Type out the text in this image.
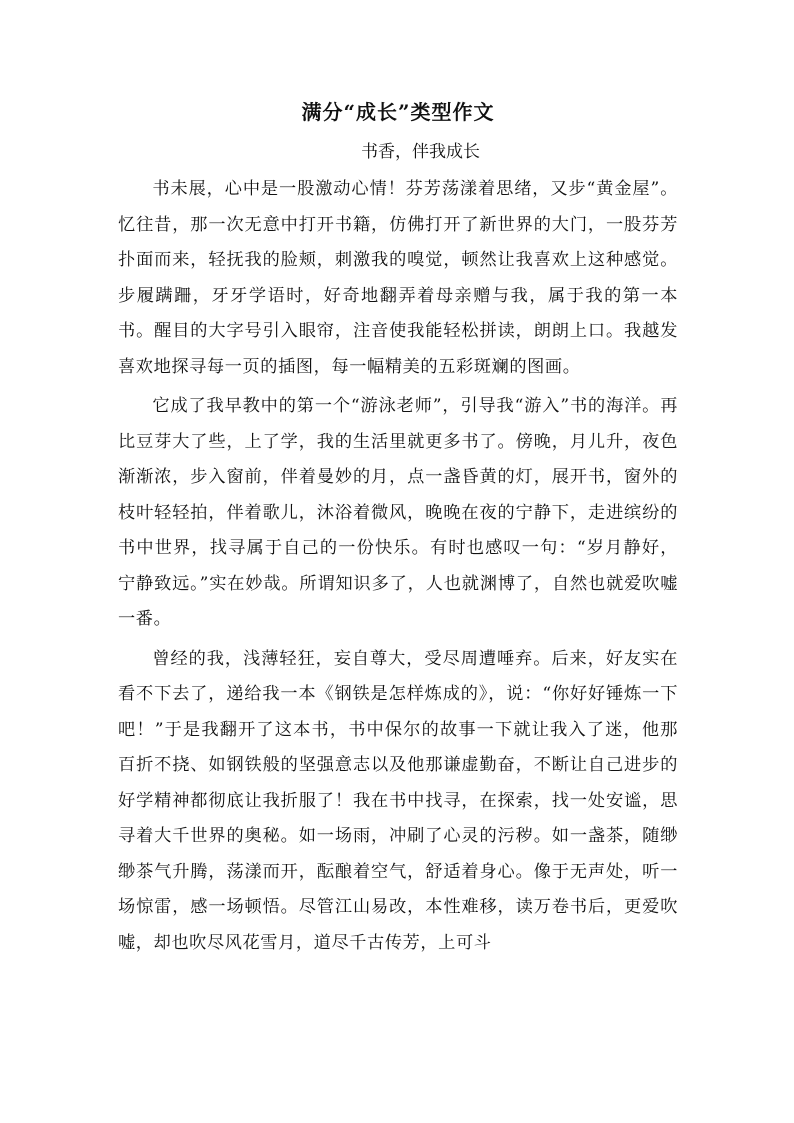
满分“成长”类型作文
书香，伴我成长

书未展，心中是一股激动心情！芬芳荡漾着思绪，又步“黄金屋”。忆往昔，那一次无意中打开书籍，仿佛打开了新世界的大门，一股芬芳扑面而来，轻抚我的脸颊，刺激我的嗅觉，顿然让我喜欢上这种感觉。步履蹒跚，牙牙学语时，好奇地翻弄着母亲赠与我，属于我的第一本书。醒目的大字号引入眼帘，注音使我能轻松拼读，朗朗上口。我越发喜欢地探寻每一页的插图，每一幅精美的五彩斑斓的图画。

它成了我早教中的第一个“游泳老师”，引导我“游入”书的海洋。再比豆芽大了些，上了学，我的生活里就更多书了。傍晚，月儿升，夜色渐渐浓，步入窗前，伴着曼妙的月，点一盏昏黄的灯，展开书，窗外的枝叶轻轻拍，伴着歌儿，沐浴着微风，晚晚在夜的宁静下，走进缤纷的书中世界，找寻属于自己的一份快乐。有时也感叹一句：“岁月静好，宁静致远。”实在妙哉。所谓知识多了，人也就渊博了，自然也就爱吹嘘一番。

曾经的我，浅薄轻狂，妄自尊大，受尽周遭唾弃。后来，好友实在看不下去了，递给我一本《钢铁是怎样炼成的》，说：“你好好锤炼一下吧！”于是我翻开了这本书，书中保尔的故事一下就让我入了迷，他那百折不挠、如钢铁般的坚强意志以及他那谦虚勤奋，不断让自己进步的好学精神都彻底让我折服了！我在书中找寻，在探索，找一处安谧，思寻着大千世界的奥秘。如一场雨，冲刷了心灵的污秽。如一盏茶，随缈缈茶气升腾，荡漾而开，酝酿着空气，舒适着身心。像于无声处，听一场惊雷，感一场顿悟。尽管江山易改，本性难移，读万卷书后，更爱吹嘘，却也吹尽风花雪月，道尽千古传芳，上可斗
